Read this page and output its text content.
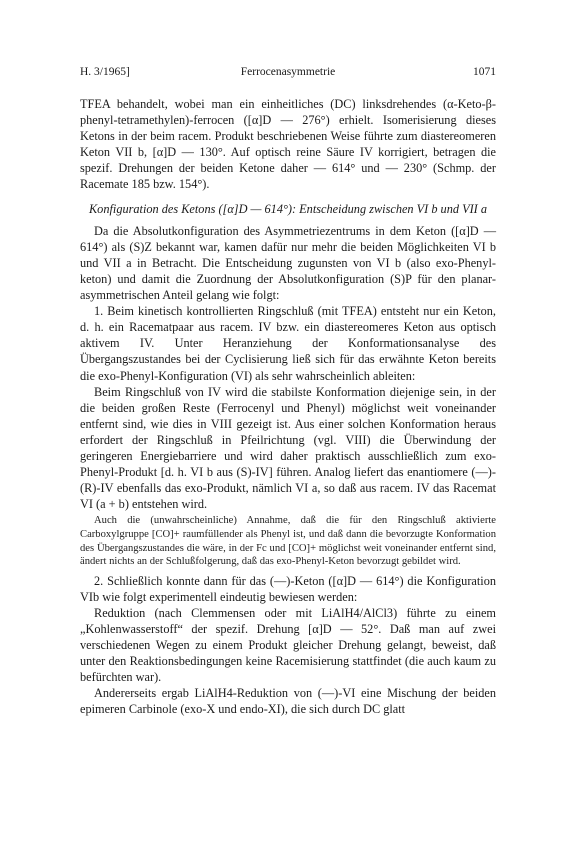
H. 3/1965]	Ferrocenasymmetrie	1071

TFEA behandelt, wobei man ein einheitliches (DC) linksdrehendes (α-Keto-β-phenyl-tetramethylen)-ferrocen ([α]D — 276°) erhielt. Isomerisierung dieses Ketons in der beim racem. Produkt beschriebenen Weise führte zum diastereomeren Keton VII b, [α]D — 130°. Auf optisch reine Säure IV korrigiert, betragen die spezif. Drehungen der beiden Ketone daher — 614° und — 230° (Schmp. der Racemate 185 bzw. 154°).

Konfiguration des Ketons ([α]D — 614°): Entscheidung zwischen VI b und VII a

Da die Absolutkonfiguration des Asymmetriezentrums in dem Keton ([α]D — 614°) als (S)Z bekannt war, kamen dafür nur mehr die beiden Möglichkeiten VI b und VII a in Betracht. Die Entscheidung zugunsten von VI b (also exo-Phenyl-keton) und damit die Zuordnung der Absolutkonfiguration (S)P für den planar-asymmetrischen Anteil gelang wie folgt:

1. Beim kinetisch kontrollierten Ringschluß (mit TFEA) entsteht nur ein Keton, d. h. ein Racematpaar aus racem. IV bzw. ein diastereomeres Keton aus optisch aktivem IV. Unter Heranziehung der Konformationsanalyse des Übergangszustandes bei der Cyclisierung ließ sich für das erwähnte Keton bereits die exo-Phenyl-Konfiguration (VI) als sehr wahrscheinlich ableiten:

Beim Ringschluß von IV wird die stabilste Konformation diejenige sein, in der die beiden großen Reste (Ferrocenyl und Phenyl) möglichst weit voneinander entfernt sind, wie dies in VIII gezeigt ist. Aus einer solchen Konformation heraus erfordert der Ringschluß in Pfeilrichtung (vgl. VIII) die Überwindung der geringeren Energiebarriere und wird daher praktisch ausschließlich zum exo-Phenyl-Produkt [d. h. VI b aus (S)-IV] führen. Analog liefert das enantiomere (—)-(R)-IV ebenfalls das exo-Produkt, nämlich VI a, so daß aus racem. IV das Racemat VI (a + b) entstehen wird.

Auch die (unwahrscheinliche) Annahme, daß die für den Ringschluß aktivierte Carboxylgruppe [CO]+ raumfüllender als Phenyl ist, und daß dann die bevorzugte Konformation des Übergangszustandes die wäre, in der Fc und [CO]+ möglichst weit voneinander entfernt sind, ändert nichts an der Schlußfolgerung, daß das exo-Phenyl-Keton bevorzugt gebildet wird.

2. Schließlich konnte dann für das (—)-Keton ([α]D — 614°) die Konfiguration VIb wie folgt experimentell eindeutig bewiesen werden:

Reduktion (nach Clemmensen oder mit LiAlH4/AlCl3) führte zu einem „Kohlenwasserstoff“ der spezif. Drehung [α]D — 52°. Daß man auf zwei verschiedenen Wegen zu einem Produkt gleicher Drehung gelangt, beweist, daß unter den Reaktionsbedingungen keine Racemisierung stattfindet (die auch kaum zu befürchten war).

Andererseits ergab LiAlH4-Reduktion von (—)-VI eine Mischung der beiden epimeren Carbinole (exo-X und endo-XI), die sich durch DC glatt
